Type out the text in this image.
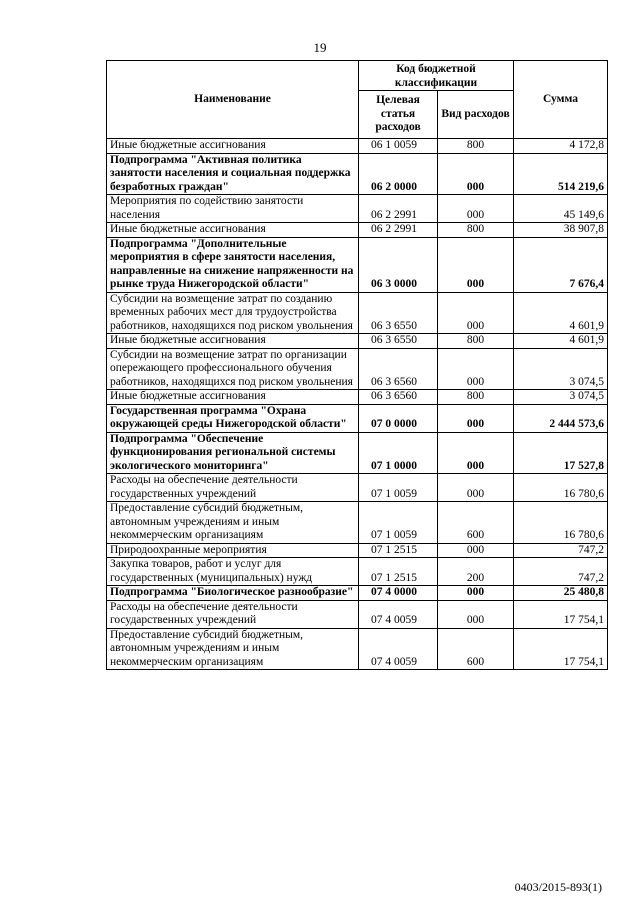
19
Наименование	Код бюджетной классификации		Сумма
	Целевая статья расходов	Вид расходов	
Иные бюджетные ассигнования	06 1 0059	800	4 172,8
Подпрограмма "Активная политика занятости населения и социальная поддержка безработных граждан"	06 2 0000	000	514 219,6
Мероприятия по содействию занятости населения	06 2 2991	000	45 149,6
Иные бюджетные ассигнования	06 2 2991	800	38 907,8
Подпрограмма "Дополнительные мероприятия в сфере занятости населения, направленные на снижение напряженности на рынке труда Нижегородской области"	06 3 0000	000	7 676,4
Субсидии на возмещение затрат по созданию временных рабочих мест для трудоустройства работников, находящихся под риском увольнения	06 3 6550	000	4 601,9
Иные бюджетные ассигнования	06 3 6550	800	4 601,9
Субсидии на возмещение затрат по организации опережающего профессионального обучения работников, находящихся под риском увольнения	06 3 6560	000	3 074,5
Иные бюджетные ассигнования	06 3 6560	800	3 074,5
Государственная программа "Охрана окружающей среды Нижегородской области"	07 0 0000	000	2 444 573,6
Подпрограмма "Обеспечение функционирования региональной системы экологического мониторинга"	07 1 0000	000	17 527,8
Расходы на обеспечение деятельности государственных учреждений	07 1 0059	000	16 780,6
Предоставление субсидий бюджетным, автономным учреждениям и иным некоммерческим организациям	07 1 0059	600	16 780,6
Природоохранные мероприятия	07 1 2515	000	747,2
Закупка товаров, работ и услуг для государственных (муниципальных) нужд	07 1 2515	200	747,2
Подпрограмма "Биологическое разнообразие"	07 4 0000	000	25 480,8
Расходы на обеспечение деятельности государственных учреждений	07 4 0059	000	17 754,1
Предоставление субсидий бюджетным, автономным учреждениям и иным некоммерческим организациям	07 4 0059	600	17 754,1
0403/2015-893(1)
